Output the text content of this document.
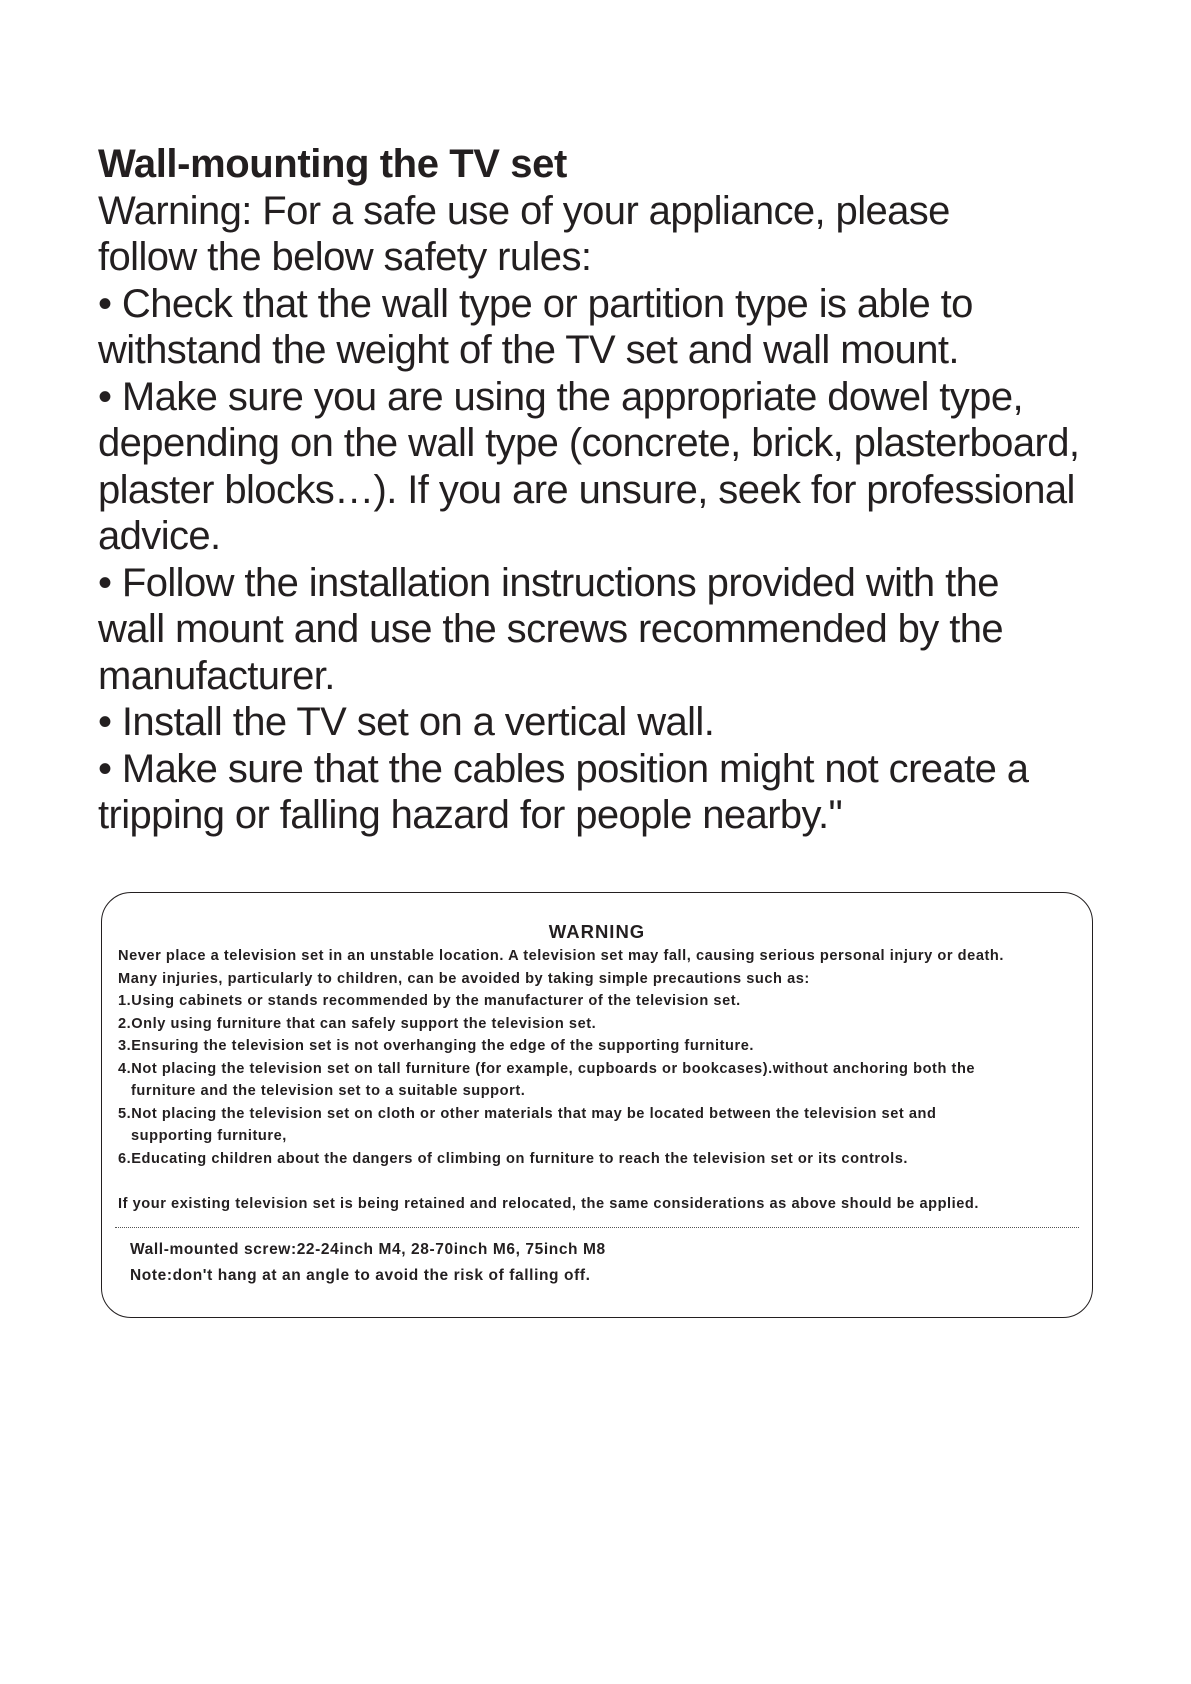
Wall-mounting the TV set
Warning: For a safe use of your appliance, please
follow the below safety rules:
• Check that the wall type or partition type is able to
withstand the weight of the TV set and wall mount.
• Make sure you are using the appropriate dowel type,
depending on the wall type (concrete, brick, plasterboard,
plaster blocks…). If you are unsure, seek for professional
advice.
• Follow the installation instructions provided with the
wall mount and use the screws recommended by the
manufacturer.
• Install the TV set on a vertical wall.
• Make sure that the cables position might not create a
tripping or falling hazard for people nearby."
WARNING
Never place a television set in an unstable location. A television set may fall, causing serious personal injury or death.
Many injuries, particularly to children, can be avoided by taking simple precautions such as:
1.Using cabinets or stands recommended by the manufacturer of the television set.
2.Only using furniture that can safely support the television set.
3.Ensuring the television set is not overhanging the edge of the supporting furniture.
4.Not placing the television set on tall furniture (for example, cupboards or bookcases).without anchoring both the
furniture and the television set to a suitable support.
5.Not placing the television set on cloth or other materials that may be located between the television set and
supporting furniture,
6.Educating children about the dangers of climbing on furniture to reach the television set or its controls.
If your existing television set is being retained and relocated, the same considerations as above should be applied.
Wall-mounted screw:22-24inch M4, 28-70inch M6, 75inch M8
Note:don't hang at an angle to avoid the risk of falling off.
